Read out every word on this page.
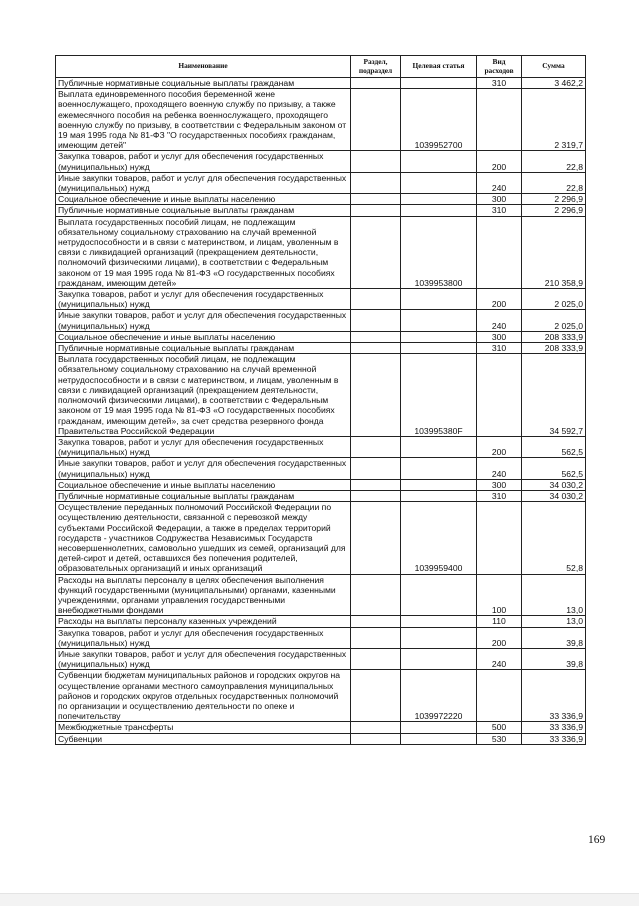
Наименование	Раздел, подраздел	Целевая статья	Вид расходов	Сумма
Публичные нормативные социальные выплаты гражданам			310	3 462,2
Выплата единовременного пособия беременной жене военнослужащего, проходящего военную службу по призыву, а также ежемесячного пособия на ребенка военнослужащего, проходящего военную службу по призыву, в соответствии с Федеральным законом от 19 мая 1995 года № 81-ФЗ "О государственных пособиях гражданам, имеющим детей"		1039952700		2 319,7
Закупка товаров, работ и услуг для обеспечения государственных (муниципальных) нужд			200	22,8
Иные закупки товаров, работ и услуг для обеспечения государственных (муниципальных) нужд			240	22,8
Социальное обеспечение и иные выплаты населению			300	2 296,9
Публичные нормативные социальные выплаты гражданам			310	2 296,9
Выплата государственных пособий лицам, не подлежащим обязательному социальному страхованию на случай временной нетрудоспособности и в связи с материнством, и лицам, уволенным в связи с ликвидацией организаций (прекращением деятельности, полномочий физическими лицами), в соответствии с Федеральным законом от 19 мая 1995 года № 81-ФЗ «О государственных пособиях гражданам, имеющим детей»		1039953800		210 358,9
Закупка товаров, работ и услуг для обеспечения государственных (муниципальных) нужд			200	2 025,0
Иные закупки товаров, работ и услуг для обеспечения государственных (муниципальных) нужд			240	2 025,0
Социальное обеспечение и иные выплаты населению			300	208 333,9
Публичные нормативные социальные выплаты гражданам			310	208 333,9
Выплата государственных пособий лицам, не подлежащим обязательному социальному страхованию на случай временной нетрудоспособности и в связи с материнством, и лицам, уволенным в связи с ликвидацией организаций (прекращением деятельности, полномочий физическими лицами), в соответствии с Федеральным законом от 19 мая 1995 года № 81-ФЗ «О государственных пособиях гражданам, имеющим детей», за счет средства резервного фонда Правительства Российской Федерации		103995380F		34 592,7
Закупка товаров, работ и услуг для обеспечения государственных (муниципальных) нужд			200	562,5
Иные закупки товаров, работ и услуг для обеспечения государственных (муниципальных) нужд			240	562,5
Социальное обеспечение и иные выплаты населению			300	34 030,2
Публичные нормативные социальные выплаты гражданам			310	34 030,2
Осуществление переданных полномочий Российской Федерации по осуществлению деятельности, связанной с перевозкой между субъектами Российской Федерации, а также в пределах территорий государств - участников Содружества Независимых Государств несовершеннолетних, самовольно ушедших из семей, организаций для детей-сирот и детей, оставшихся без попечения родителей, образовательных организаций и иных организаций		1039959400		52,8
Расходы на выплаты персоналу в целях обеспечения выполнения функций государственными (муниципальными) органами, казенными учреждениями, органами управления государственными внебюджетными фондами			100	13,0
Расходы на выплаты персоналу казенных учреждений			110	13,0
Закупка товаров, работ и услуг для обеспечения государственных (муниципальных) нужд			200	39,8
Иные закупки товаров, работ и услуг для обеспечения государственных (муниципальных) нужд			240	39,8
Субвенции бюджетам муниципальных районов и городских округов на осуществление органами местного самоуправления муниципальных районов и городских округов отдельных государственных полномочий по организации и осуществлению деятельности по опеке и попечительству		1039972220		33 336,9
Межбюджетные трансферты			500	33 336,9
Субвенции			530	33 336,9
169
